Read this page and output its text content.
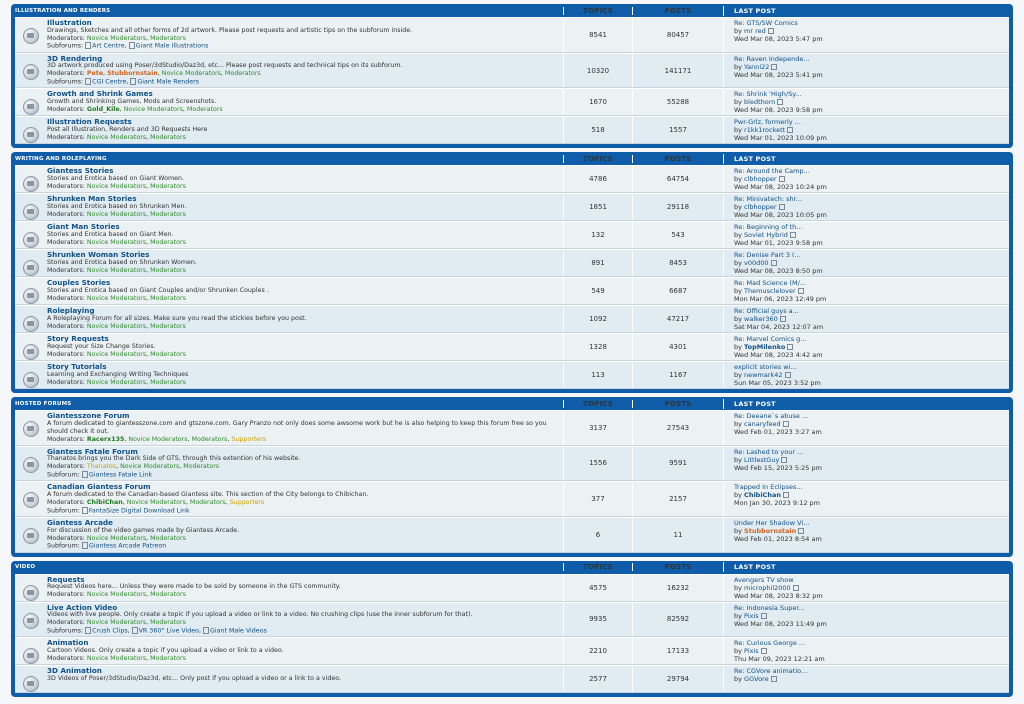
ILLUSTRATION AND RENDERS	TOPICS	POSTS	LAST POST
Illustration
Drawings, Sketches and all other forms of 2d artwork. Please post requests and artistic tips on the subforum inside.
Moderators: Novice Moderators, Moderators
Subforums: Art Centre, Giant Male Illustrations
8541	80457
Re: GTS/SW Comics
by mr red
Wed Mar 08, 2023 5:47 pm
3D Rendering
3D artwork produced using Poser/3dStudio/Daz3d, etc... Please post requests and technical tips on its subforum.
Moderators: Pete, Stubbornstain, Novice Moderators, Moderators
Subforums: CGI Centre, Giant Male Renders
10320	141171
Re: Raven Independe...
by Yanni22
Wed Mar 08, 2023 5:41 pm
Growth and Shrink Games
Growth and Shrinking Games, Mods and Screenshots.
Moderators: Gold_Kile, Novice Moderators, Moderators
1670	55288
Re: Shrink 'High/Sy...
by bledthorn
Wed Mar 08, 2023 9:58 pm
Illustration Requests
Post all Illustration, Renders and 3D Requests Here
Moderators: Novice Moderators, Moderators
518	1557
Pwr-Grlz, formerly ...
by r1kk1rockett
Wed Mar 01, 2023 10:09 pm
WRITING AND ROLEPLAYING	TOPICS	POSTS	LAST POST
Giantess Stories
Stories and Erotica based on Giant Women.
Moderators: Novice Moderators, Moderators
4786	64754
Re: Around the Camp...
by clbhopper
Wed Mar 08, 2023 10:24 pm
Shrunken Man Stories
Stories and Erotica based on Shrunken Men.
Moderators: Novice Moderators, Moderators
1851	29118
Re: Minivatech: shr...
by clbhopper
Wed Mar 08, 2023 10:05 pm
Giant Man Stories
Stories and Erotica based on Giant Men.
Moderators: Novice Moderators, Moderators
132	543
Re: Beginning of th...
by Soviet Hybrid
Wed Mar 01, 2023 9:58 pm
Shrunken Woman Stories
Stories and Erotica based on Shrunken Women.
Moderators: Novice Moderators, Moderators
891	8453
Re: Denise Part 3 (...
by v00d00
Wed Mar 08, 2023 8:50 pm
Couples Stories
Stories and Erotica based on Giant Couples and/or Shrunken Couples .
Moderators: Novice Moderators, Moderators
549	6687
Re: Mad Science (M/...
by Themusclelover
Mon Mar 06, 2023 12:49 pm
Roleplaying
A Roleplaying Forum for all sizes. Make sure you read the stickies before you post.
Moderators: Novice Moderators, Moderators
1092	47217
Re: Official guys a...
by walker360
Sat Mar 04, 2023 12:07 am
Story Requests
Request your Size Change Stories.
Moderators: Novice Moderators, Moderators
1328	4301
Re: Marvel Comics g...
by TopMilenko
Wed Mar 08, 2023 4:42 am
Story Tutorials
Learning and Exchanging Writing Techniques
Moderators: Novice Moderators, Moderators
113	1167
explicit stories wi...
by newmark42
Sun Mar 05, 2023 3:52 pm
HOSTED FORUMS	TOPICS	POSTS	LAST POST
Giantesszone Forum
A forum dedicated to giantesszone.com and gtszone.com. Gary Pranzo not only does some awsome work but he is also helping to keep this forum free so you should check it out.
Moderators: Racerx135, Novice Moderators, Moderators, Supporters
3137	27543
Re: Deeane`s abuse ...
by canaryfeed
Wed Feb 01, 2023 3:27 am
Giantess Fatale Forum
Thanatos brings you the Dark Side of GTS, through this extention of his website.
Moderators: Thanatos, Novice Moderators, Moderators
Subforum: Giantess Fatale Link
1556	9591
Re: Lashed to your ...
by LittlestGuy
Wed Feb 15, 2023 5:25 pm
Canadian Giantess Forum
A forum dedicated to the Canadian-based Giantess site. This section of the City belongs to Chibichan.
Moderators: ChibiChan, Novice Moderators, Moderators, Supporters
Subforum: FantaSize Digital Download Link
377	2157
Trapped In Eclipses...
by ChibiChan
Mon Jan 30, 2023 9:12 pm
Giantess Arcade
For discussion of the video games made by Giantess Arcade.
Moderators: Novice Moderators, Moderators
Subforum: Giantess Arcade Patreon
6	11
Under Her Shadow Vi...
by Stubbornstain
Wed Feb 01, 2023 8:54 am
VIDEO	TOPICS	POSTS	LAST POST
Requests
Request Videos here... Unless they were made to be sold by someone in the GTS community.
Moderators: Novice Moderators, Moderators
4575	16232
Avengers TV show
by microphil2000
Wed Mar 08, 2023 8:32 pm
Live Action Video
Videos with live people. Only create a topic if you upload a video or link to a video. No crushing clips (use the inner subforum for that).
Moderators: Novice Moderators, Moderators
Subforums: Crush Clips, VR 360° Live Video, Giant Male Videos
9935	82592
Re: Indonesia Super...
by Pixis
Wed Mar 08, 2023 11:49 pm
Animation
Cartoon Videos. Only create a topic if you upload a video or link to a video.
Moderators: Novice Moderators, Moderators
2210	17133
Re: Curious George ...
by Pixis
Thu Mar 09, 2023 12:21 am
3D Animation
3D Videos of Poser/3dStudio/Daz3d, etc... Only post if you upload a video or a link to a video.	2577	29794
Re: CGVore animatio...
by GGVore
